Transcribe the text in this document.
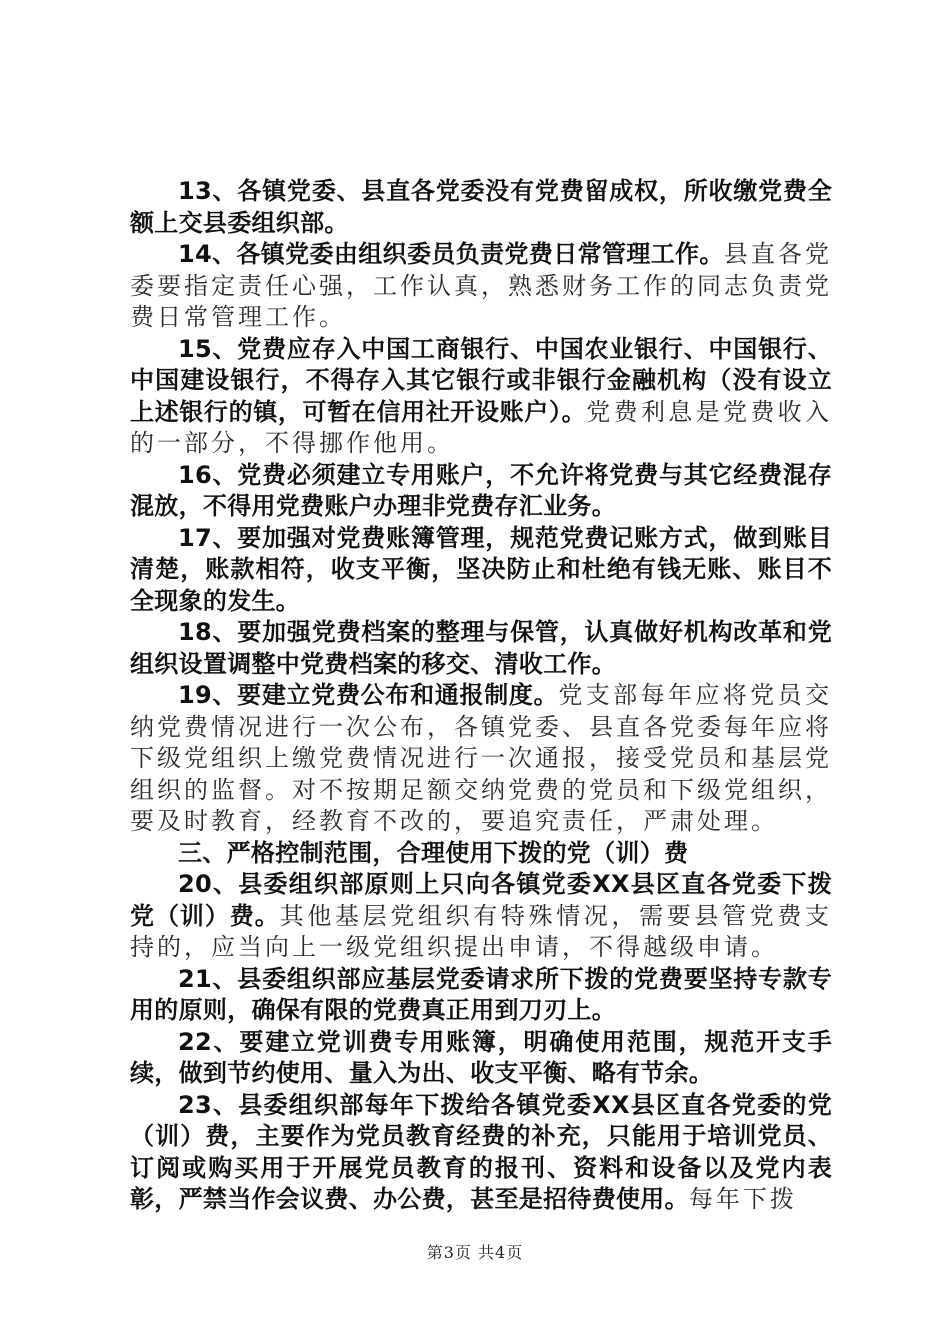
13、各镇党委、县直各党委没有党费留成权，所收缴党费全额上交县委组织部。

14、各镇党委由组织委员负责党费日常管理工作。县直各党委要指定责任心强，工作认真，熟悉财务工作的同志负责党费日常管理工作。

15、党费应存入中国工商银行、中国农业银行、中国银行、中国建设银行，不得存入其它银行或非银行金融机构（没有设立上述银行的镇，可暂在信用社开设账户）。党费利息是党费收入的一部分，不得挪作他用。

16、党费必须建立专用账户，不允许将党费与其它经费混存混放，不得用党费账户办理非党费存汇业务。

17、要加强对党费账簿管理，规范党费记账方式，做到账目清楚，账款相符，收支平衡，坚决防止和杜绝有钱无账、账目不全现象的发生。

18、要加强党费档案的整理与保管，认真做好机构改革和党组织设置调整中党费档案的移交、清收工作。

19、要建立党费公布和通报制度。党支部每年应将党员交纳党费情况进行一次公布，各镇党委、县直各党委每年应将下级党组织上缴党费情况进行一次通报，接受党员和基层党组织的监督。对不按期足额交纳党费的党员和下级党组织，要及时教育，经教育不改的，要追究责任，严肃处理。

三、严格控制范围，合理使用下拨的党（训）费

20、县委组织部原则上只向各镇党委XX县区直各党委下拨党（训）费。其他基层党组织有特殊情况，需要县管党费支持的，应当向上一级党组织提出申请，不得越级申请。

21、县委组织部应基层党委请求所下拨的党费要坚持专款专用的原则，确保有限的党费真正用到刀刃上。

22、要建立党训费专用账簿，明确使用范围，规范开支手续，做到节约使用、量入为出、收支平衡、略有节余。

23、县委组织部每年下拨给各镇党委XX县区直各党委的党（训）费，主要作为党员教育经费的补充，只能用于培训党员、订阅或购买用于开展党员教育的报刊、资料和设备以及党内表彰，严禁当作会议费、办公费，甚至是招待费使用。每年下拨

第3页 共4页
